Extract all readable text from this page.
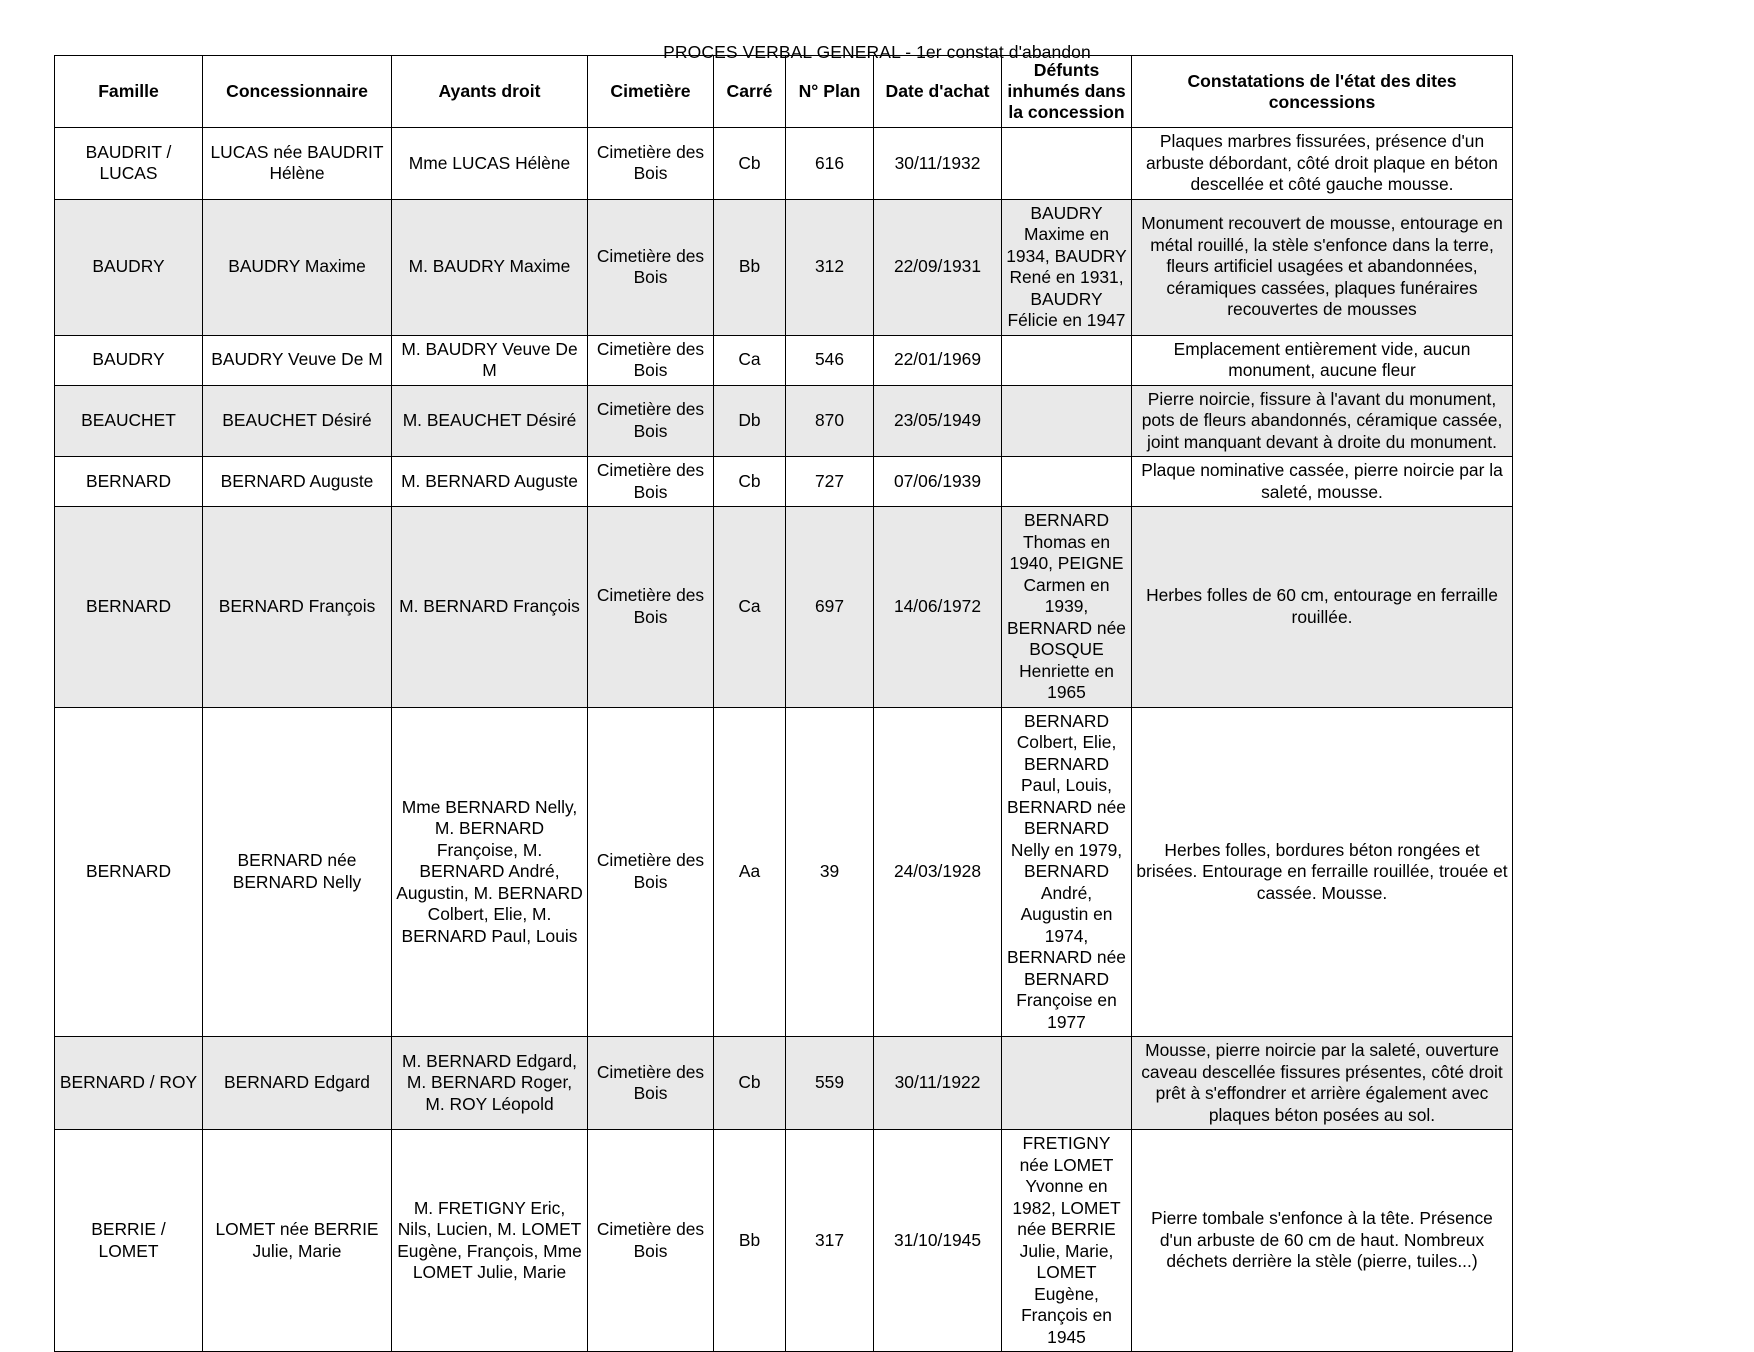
PROCES VERBAL GENERAL - 1er constat d'abandon
Famille	Concessionnaire	Ayants droit	Cimetière	Carré	N° Plan	Date d'achat	Défunts inhumés dans la concession	Constatations de l'état des dites concessions
BAUDRIT / LUCAS	LUCAS née BAUDRIT Hélène	Mme LUCAS Hélène	Cimetière des Bois	Cb	616	30/11/1932		Plaques marbres fissurées, présence d'un arbuste débordant, côté droit plaque en béton descellée et côté gauche mousse.
BAUDRY	BAUDRY Maxime	M. BAUDRY Maxime	Cimetière des Bois	Bb	312	22/09/1931	BAUDRY Maxime en 1934, BAUDRY René en 1931, BAUDRY Félicie en 1947	Monument recouvert de mousse, entourage en métal rouillé, la stèle s'enfonce dans la terre, fleurs artificiel usagées et abandonnées, céramiques cassées, plaques funéraires recouvertes de mousses
BAUDRY	BAUDRY Veuve De M	M. BAUDRY Veuve De M	Cimetière des Bois	Ca	546	22/01/1969		Emplacement entièrement vide, aucun monument, aucune fleur
BEAUCHET	BEAUCHET Désiré	M. BEAUCHET Désiré	Cimetière des Bois	Db	870	23/05/1949		Pierre noircie, fissure à l'avant du monument, pots de fleurs abandonnés, céramique cassée, joint manquant devant à droite du monument.
BERNARD	BERNARD Auguste	M. BERNARD Auguste	Cimetière des Bois	Cb	727	07/06/1939		Plaque nominative cassée, pierre noircie par la saleté, mousse.
BERNARD	BERNARD François	M. BERNARD François	Cimetière des Bois	Ca	697	14/06/1972	BERNARD Thomas en 1940, PEIGNE Carmen en 1939, BERNARD née BOSQUE Henriette en 1965	Herbes folles de 60 cm, entourage en ferraille rouillée.
BERNARD	BERNARD née BERNARD Nelly	Mme BERNARD Nelly, M. BERNARD Françoise, M. BERNARD André, Augustin, M. BERNARD Colbert, Elie, M. BERNARD Paul, Louis	Cimetière des Bois	Aa	39	24/03/1928	BERNARD Colbert, Elie, BERNARD Paul, Louis, BERNARD née BERNARD Nelly en 1979, BERNARD André, Augustin en 1974, BERNARD née BERNARD Françoise en 1977	Herbes folles, bordures béton rongées et brisées. Entourage en ferraille rouillée, trouée et cassée. Mousse.
BERNARD / ROY	BERNARD Edgard	M. BERNARD Edgard, M. BERNARD Roger, M. ROY Léopold	Cimetière des Bois	Cb	559	30/11/1922		Mousse, pierre noircie par la saleté, ouverture caveau descellée fissures présentes, côté droit prêt à s'effondrer et arrière également avec plaques béton posées au sol.
BERRIE / LOMET	LOMET née BERRIE Julie, Marie	M. FRETIGNY Eric, Nils, Lucien, M. LOMET Eugène, François, Mme LOMET Julie, Marie	Cimetière des Bois	Bb	317	31/10/1945	FRETIGNY née LOMET Yvonne en 1982, LOMET née BERRIE Julie, Marie, LOMET Eugène, François en 1945	Pierre tombale s'enfonce à la tête. Présence d'un arbuste de 60 cm de haut. Nombreux déchets derrière la stèle (pierre, tuiles...)
